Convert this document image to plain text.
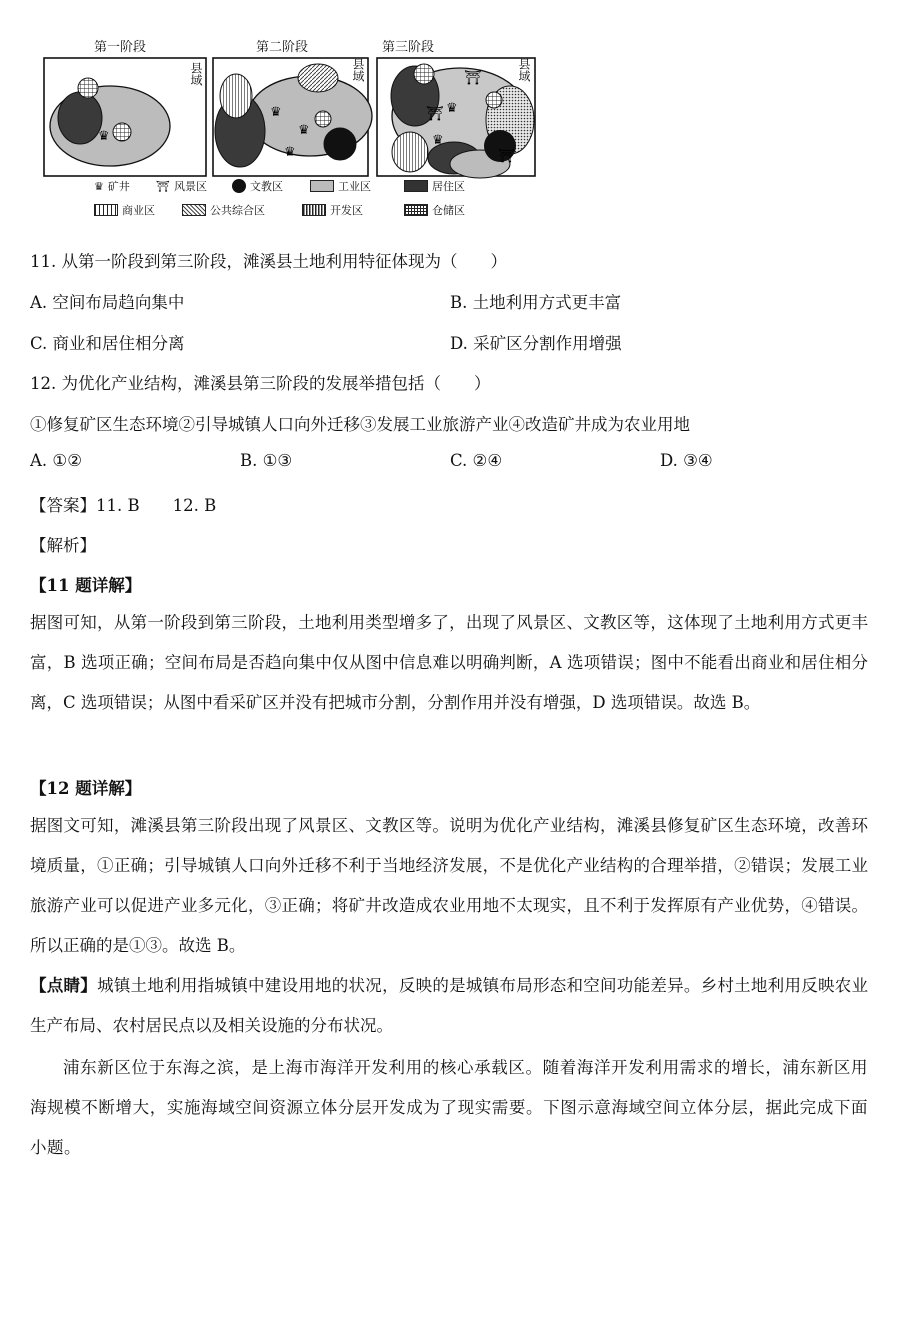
♛
♛
♛
♛
⛩
⛩
⛩
♛
♛
第一阶段	第二阶段	第三阶段
县域	县域	县域
♛ 矿井 ⛩ 风景区	文教区	工业区	居住区
商业区	公共综合区	开发区	仓储区
11. 从第一阶段到第三阶段，滩溪县土地利用特征体现为（　　）
A. 空间布局趋向集中	B. 土地利用方式更丰富
C. 商业和居住相分离	D. 采矿区分割作用增强
12. 为优化产业结构，滩溪县第三阶段的发展举措包括（　　）
①修复矿区生态环境②引导城镇人口向外迁移③发展工业旅游产业④改造矿井成为农业用地
A. ①②	B. ①③	C. ②④	D. ③④
【答案】11. B　　12. B
【解析】
【11 题详解】
据图可知，从第一阶段到第三阶段，土地利用类型增多了，出现了风景区、文教区等，这体现了土地利用方式更丰富，B 选项正确；空间布局是否趋向集中仅从图中信息难以明确判断，A 选项错误；图中不能看出商业和居住相分离，C 选项错误；从图中看采矿区并没有把城市分割，分割作用并没有增强，D 选项错误。故选 B。
【12 题详解】
据图文可知，滩溪县第三阶段出现了风景区、文教区等。说明为优化产业结构，滩溪县修复矿区生态环境，改善环境质量，①正确；引导城镇人口向外迁移不利于当地经济发展，不是优化产业结构的合理举措，②错误；发展工业旅游产业可以促进产业多元化，③正确；将矿井改造成农业用地不太现实，且不利于发挥原有产业优势，④错误。所以正确的是①③。故选 B。
【点睛】城镇土地利用指城镇中建设用地的状况，反映的是城镇布局形态和空间功能差异。乡村土地利用反映农业生产布局、农村居民点以及相关设施的分布状况。
浦东新区位于东海之滨，是上海市海洋开发利用的核心承载区。随着海洋开发利用需求的增长，浦东新区用海规模不断增大，实施海域空间资源立体分层开发成为了现实需要。下图示意海域空间立体分层，据此完成下面小题。
